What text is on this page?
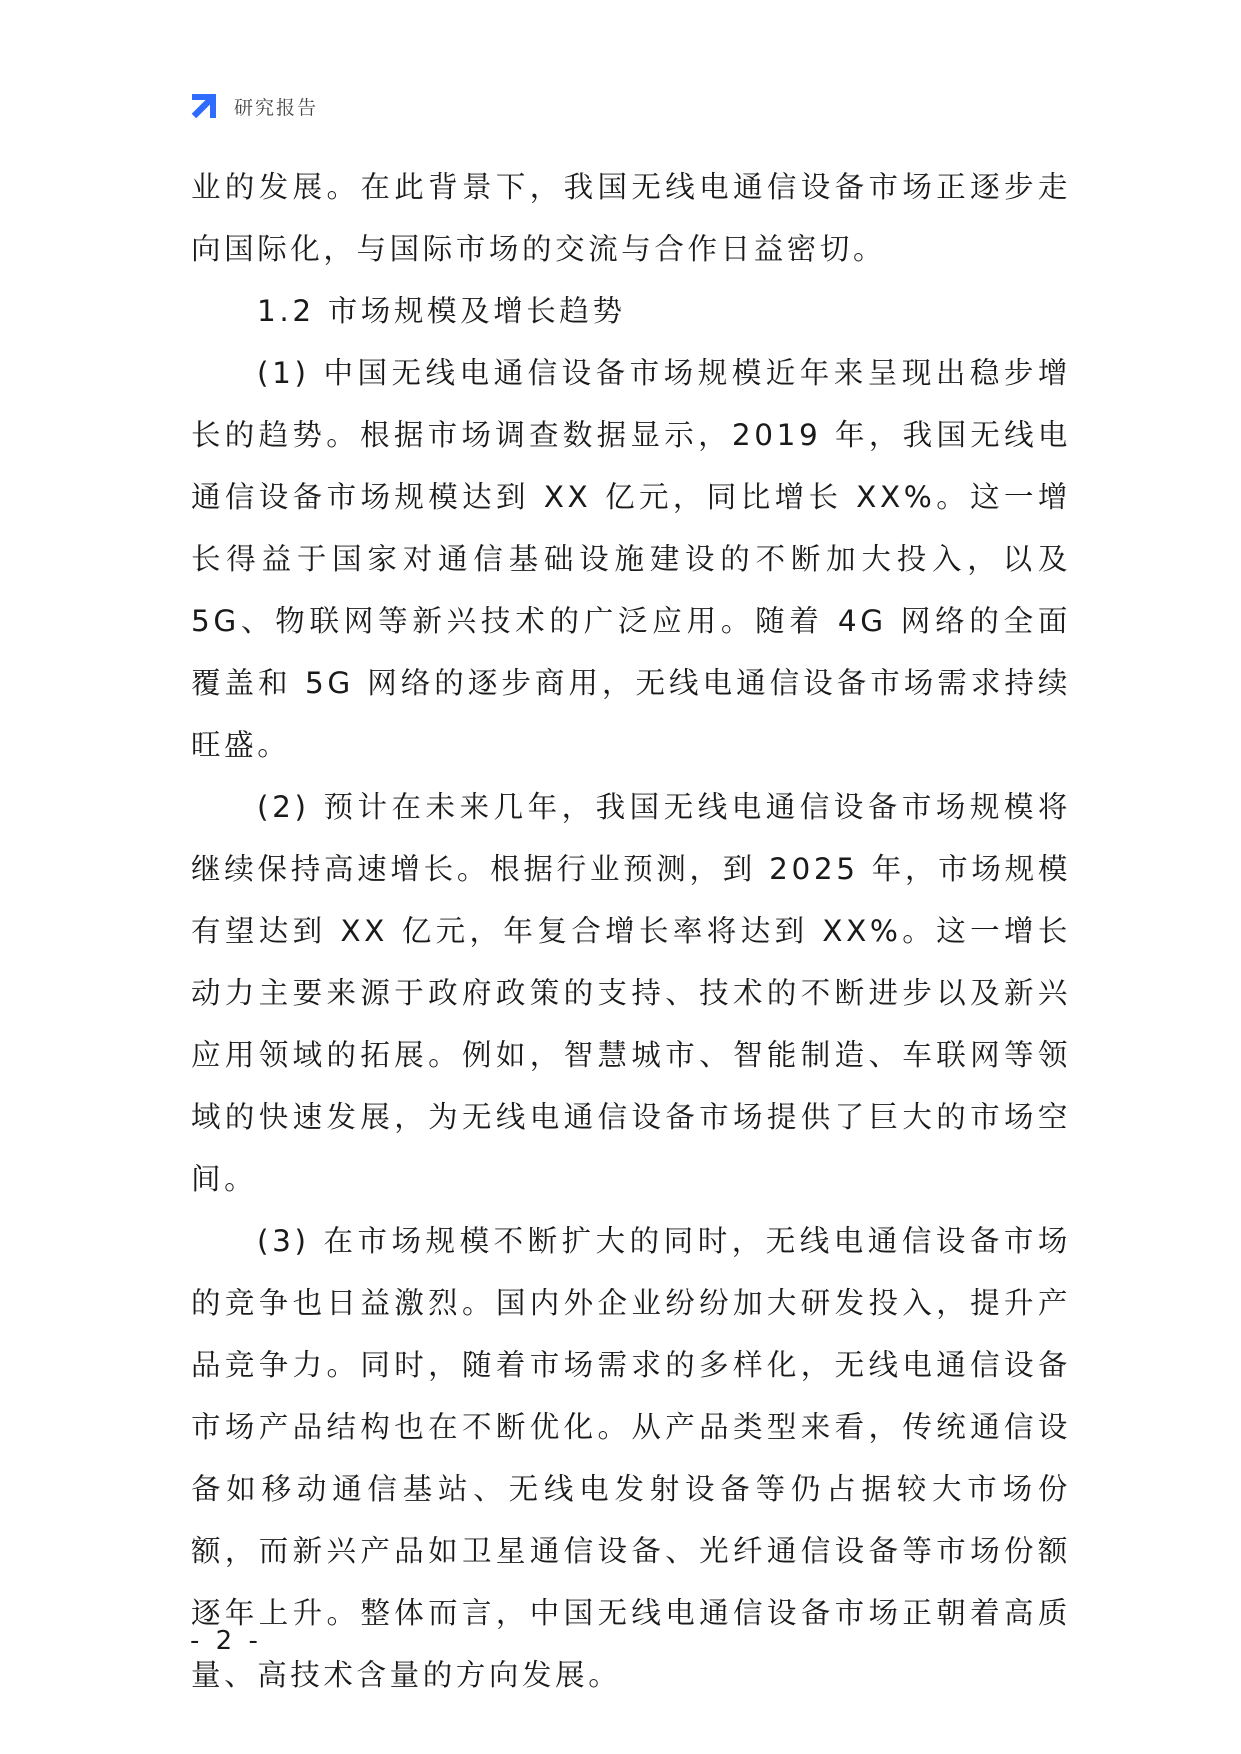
研究报告

业的发展。在此背景下，我国无线电通信设备市场正逐步走向国际化，与国际市场的交流与合作日益密切。

1.2 市场规模及增长趋势

(1) 中国无线电通信设备市场规模近年来呈现出稳步增长的趋势。根据市场调查数据显示，2019 年，我国无线电通信设备市场规模达到 XX 亿元，同比增长 XX%。这一增长得益于国家对通信基础设施建设的不断加大投入，以及 5G、物联网等新兴技术的广泛应用。随着 4G 网络的全面覆盖和 5G 网络的逐步商用，无线电通信设备市场需求持续旺盛。

(2) 预计在未来几年，我国无线电通信设备市场规模将继续保持高速增长。根据行业预测，到 2025 年，市场规模有望达到 XX 亿元，年复合增长率将达到 XX%。这一增长动力主要来源于政府政策的支持、技术的不断进步以及新兴应用领域的拓展。例如，智慧城市、智能制造、车联网等领域的快速发展，为无线电通信设备市场提供了巨大的市场空间。

(3) 在市场规模不断扩大的同时，无线电通信设备市场的竞争也日益激烈。国内外企业纷纷加大研发投入，提升产品竞争力。同时，随着市场需求的多样化，无线电通信设备市场产品结构也在不断优化。从产品类型来看，传统通信设备如移动通信基站、无线电发射设备等仍占据较大市场份额，而新兴产品如卫星通信设备、光纤通信设备等市场份额逐年上升。整体而言，中国无线电通信设备市场正朝着高质量、高技术含量的方向发展。

- 2 -
